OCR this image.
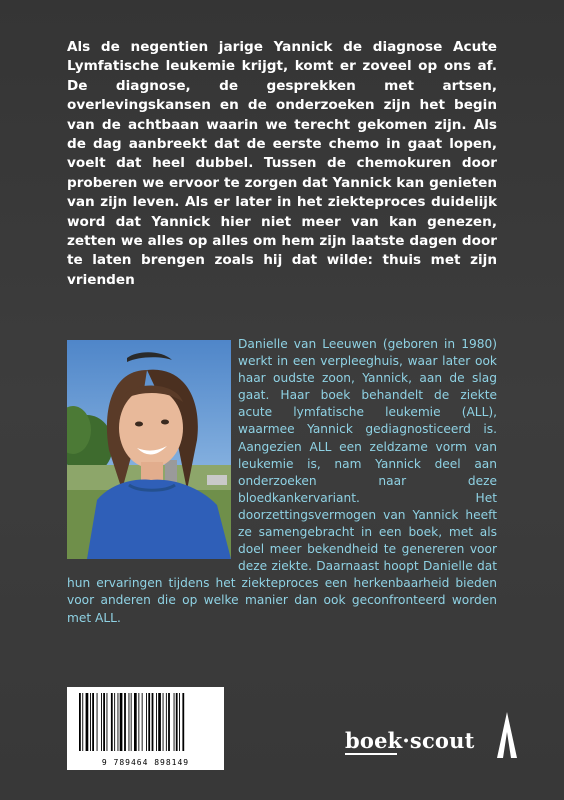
Als de negentien jarige Yannick de diagnose Acute Lymfatische leukemie krijgt, komt er zoveel op ons af. De diagnose, de gesprekken met artsen, overlevingskansen en de onderzoeken zijn het begin van de achtbaan waarin we terecht gekomen zijn. Als de dag aanbreekt dat de eerste chemo in gaat lopen, voelt dat heel dubbel. Tussen de chemokuren door proberen we ervoor te zorgen dat Yannick kan genieten van zijn leven. Als er later in het ziekteproces duidelijk word dat Yannick hier niet meer van kan genezen, zetten we alles op alles om hem zijn laatste dagen door te laten brengen zoals hij dat wilde: thuis met zijn vrienden

Danielle van Leeuwen (geboren in 1980) werkt in een verpleeghuis, waar later ook haar oudste zoon, Yannick, aan de slag gaat. Haar boek behandelt de ziekte acute lymfatische leukemie (ALL), waarmee Yannick gediagnosticeerd is. Aangezien ALL een zeldzame vorm van leukemie is, nam Yannick deel aan onderzoeken naar deze bloedkankervariant. Het doorzettingsvermogen van Yannick heeft ze samengebracht in een boek, met als doel meer bekendheid te genereren voor deze ziekte. Daarnaast hoopt Danielle dat hun ervaringen tijdens het ziekteproces een herkenbaarheid bieden voor anderen die op welke manier dan ook geconfronteerd worden met ALL.

9 789464 898149

boek·scout
